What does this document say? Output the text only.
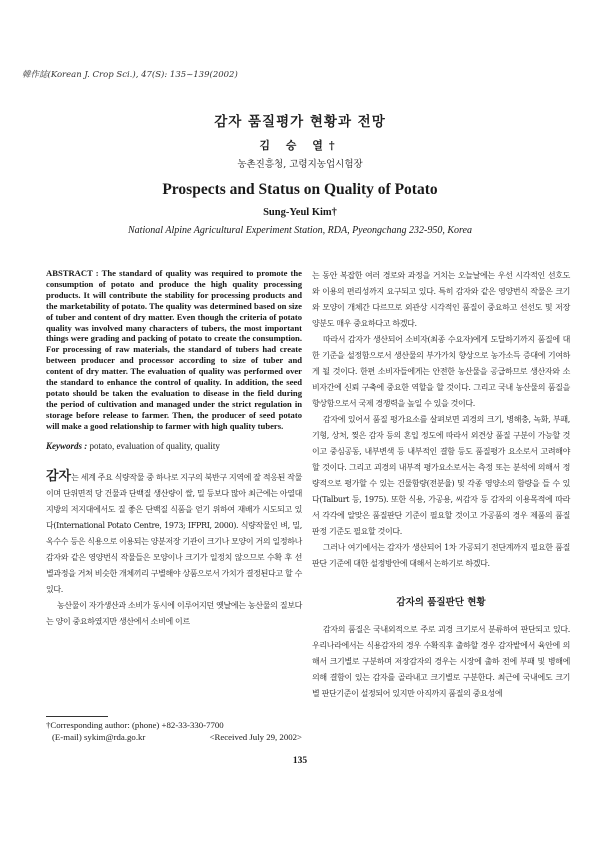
韓作誌(Korean J. Crop Sci.), 47(S): 135~139(2002)
감자 품질평가 현황과 전망
김 승 열†
농촌진흥청, 고령지농업시험장
Prospects and Status on Quality of Potato
Sung-Yeul Kim†
National Alpine Agricultural Experiment Station, RDA, Pyeongchang 232-950, Korea

ABSTRACT : The standard of quality was required to promote the consumption of potato and produce the high quality processing products. It will contribute the stability for processing products and the marketability of potato. The quality was determined based on size of tuber and content of dry matter. Even though the criteria of potato quality was involved many characters of tubers, the most important things were grading and packing of potato to create the consumption. For processing of raw materials, the standard of tubers had create between producer and processor according to size of tuber and content of dry matter. The evaluation of quality was performed over the standard to enhance the control of quality. In addition, the seed potato should be taken the evaluation to disease in the field during the period of cultivation and managed under the strict regulation in storage before release to farmer. Then, the producer of seed potato will make a good relationship to farmer with high quality tubers.

Keywords : potato, evaluation of quality, quality

감자는 세계 주요 식량작물 중 하나로 지구의 북반구 지역에 잘 적응된 작물이며 단위면적 당 건물과 단백질 생산량이 쌀, 밀 등보다 많아 최근에는 아열대지방의 저지대에서도 질 좋은 단백질 식품을 얻기 위하여 재배가 시도되고 있다(International Potato Centre, 1973; IFPRI, 2000). 식량작물인 벼, 밀, 옥수수 등은 식용으로 이용되는 양분저장 기관이 크기나 모양이 거의 일정하나 감자와 같은 영양번식 작물들은 모양이나 크기가 일정치 않으므로 수확 후 선별과정을 거쳐 비슷한 개체끼리 구별해야 상품으로서 가치가 결정된다고 할 수 있다.

농산물이 자가생산과 소비가 동시에 이루어지던 옛날에는 농산물의 질보다는 양이 중요하였지만 생산에서 소비에 이르

†Corresponding author: (phone) +82-33-330-7700
(E-mail) sykim@rda.go.kr	<Received July 29, 2002>

는 동안 복잡한 여러 경로와 과정을 거치는 오늘날에는 우선 시각적인 선호도와 이용의 편리성까지 요구되고 있다. 특히 감자와 같은 영양번식 작물은 크기와 모양이 개체간 다르므로 외관상 시각적인 품질이 중요하고 선선도 및 저장양분도 매우 중요하다고 하겠다.

따라서 감자가 생산되어 소비자(최종 수요자)에게 도달하기까지 품질에 대한 기준을 설정함으로서 생산물의 부가가치 향상으로 농가소득 증대에 기여하게 될 것이다. 한편 소비자들에게는 안전한 농산물을 공급하므로 생산자와 소비자간에 신뢰 구축에 중요한 역할을 할 것이다. 그리고 국내 농산물의 품질을 향상함으로서 국제 경쟁력을 높일 수 있을 것이다.

감자에 있어서 품질 평가요소를 살펴보면 괴경의 크기, 병해충, 녹화, 부패, 기형, 상처, 찢은 감자 등의 혼입 정도에 따라서 외견상 품질 구분이 가능할 것이고 중심공동, 내부변색 등 내부적인 결함 등도 품질평가 요소로서 고려해야 할 것이다. 그리고 괴경의 내부적 평가요소로서는 측정 또는 분석에 의해서 정량적으로 평가할 수 있는 건물함량(전분율) 및 각종 영양소의 함량을 들 수 있다(Talburt 등, 1975). 또한 식용, 가공용, 씨감자 등 감자의 이용목적에 따라서 각각에 알맞은 품질판단 기준이 필요할 것이고 가공품의 경우 제품의 품질판정 기준도 필요할 것이다.

그러나 여기에서는 감자가 생산되어 1차 가공되기 전단계까지 필요한 품질판단 기준에 대한 설정방안에 대해서 논하기로 하겠다.

감자의 품질판단 현황

감자의 품질은 국내외적으로 주로 괴경 크기로서 분류하여 판단되고 있다. 우리나라에서는 식용감자의 경우 수확직후 출하할 경우 감자밭에서 육안에 의해서 크기별로 구분하며 저장감자의 경우는 시장에 출하 전에 부패 및 병해에 의해 결함이 있는 감자를 골라내고 크기별로 구분한다. 최근에 국내에도 크기별 판단기준이 설정되어 있지만 아직까지 품질의 중요성에

135
